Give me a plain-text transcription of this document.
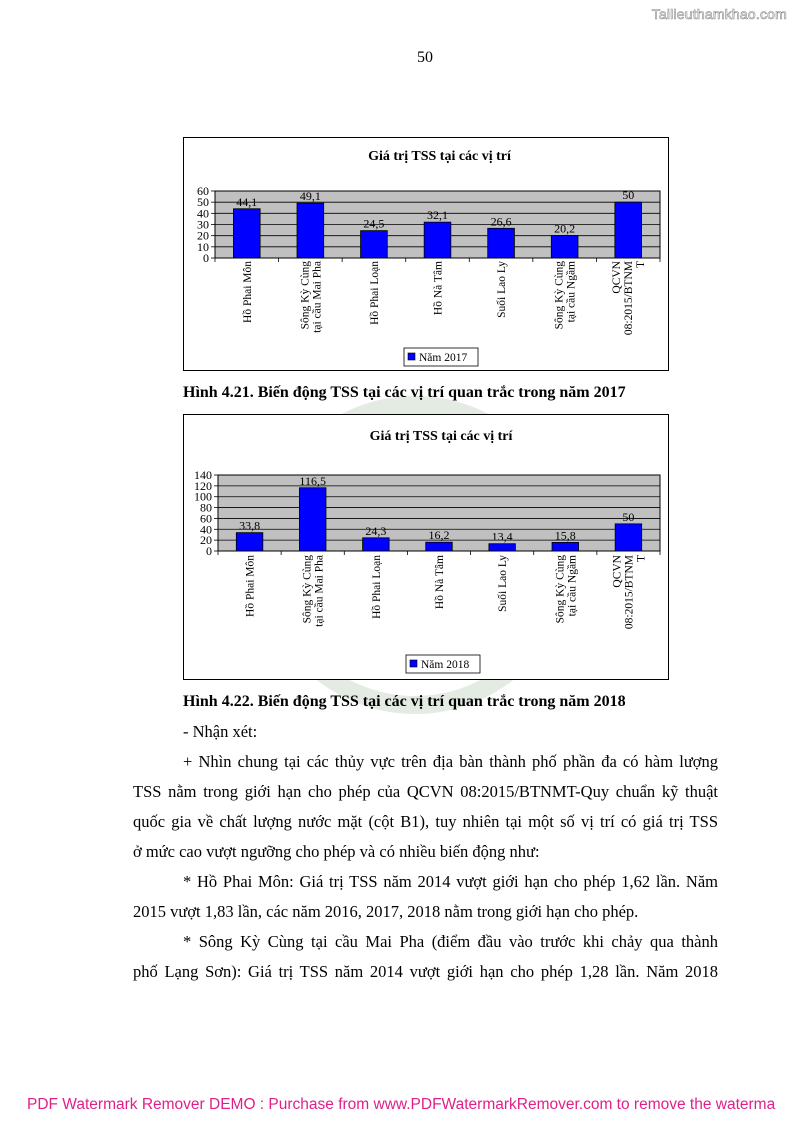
Tailieuthamkhao.com
50
Giá trị TSS tại các vị trí
0
10
20
30
40
50
60
44,1
Hồ Phai Môn
49,1
Sông Kỳ Cùng tại cầu Mai Pha
24,5
Hồ Phai Loạn
32,1
Hồ Nà Tâm
26,6
Suối Lao Ly
20,2
Sông Kỳ Cùng tại cầu Ngầm
50
QCVN 08:2015/BTNM T
Năm 2017
Hình 4.21. Biến động TSS tại các vị trí quan trắc trong năm 2017
Giá trị TSS tại các vị trí
0
20
40
60
80
100
120
140
33,8
Hồ Phai Môn
116,5
Sông Kỳ Cùng tại cầu Mai Pha
24,3
Hồ Phai Loạn
16,2
Hồ Nà Tâm
13,4
Suối Lao Ly
15,8
Sông Kỳ Cùng tại cầu Ngầm
50
QCVN 08:2015/BTNM T
Năm 2018
Hình 4.22. Biến động TSS tại các vị trí quan trắc trong năm 2018
- Nhận xét:
+ Nhìn chung tại các thủy vực trên địa bàn thành phố phần đa có hàm lượng
TSS nằm trong giới hạn cho phép của QCVN 08:2015/BTNMT-Quy chuẩn kỹ thuật
quốc gia về chất lượng nước mặt (cột B1), tuy nhiên tại một số vị trí có giá trị TSS
ở mức cao vượt ngưỡng cho phép và có nhiều biến động như:
* Hồ Phai Môn: Giá trị TSS năm 2014 vượt giới hạn cho phép 1,62 lần. Năm
2015 vượt 1,83 lần, các năm 2016, 2017, 2018 nằm trong giới hạn cho phép.
* Sông Kỳ Cùng tại cầu Mai Pha (điểm đầu vào trước khi chảy qua thành
phố Lạng Sơn): Giá trị TSS năm 2014 vượt giới hạn cho phép 1,28 lần. Năm 2018
PDF Watermark Remover DEMO : Purchase from www.PDFWatermarkRemover.com to remove the waterma
